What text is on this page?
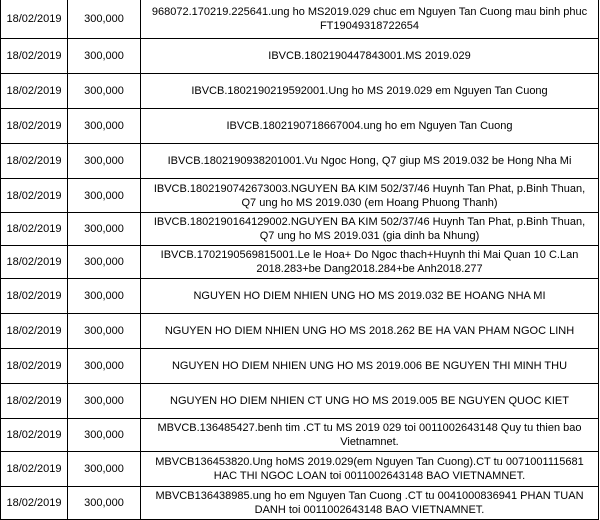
18/02/2019	300,000	968072.170219.225641.ung ho MS2019.029 chuc em Nguyen Tan Cuong mau binh phuc FT19049318722654
18/02/2019	300,000	IBVCB.1802190447843001.MS 2019.029
18/02/2019	300,000	IBVCB.1802190219592001.Ung ho MS 2019.029 em Nguyen Tan Cuong
18/02/2019	300,000	IBVCB.1802190718667004.ung ho em Nguyen Tan Cuong
18/02/2019	300,000	IBVCB.1802190938201001.Vu Ngoc Hong, Q7 giup MS 2019.032 be Hong Nha Mi
18/02/2019	300,000	IBVCB.1802190742673003.NGUYEN BA KIM 502/37/46 Huynh Tan Phat, p.Binh Thuan, Q7 ung ho MS 2019.030 (em Hoang Phuong Thanh)
18/02/2019	300,000	IBVCB.1802190164129002.NGUYEN BA KIM 502/37/46 Huynh Tan Phat, p.Binh Thuan, Q7 ung ho MS 2019.031 (gia dinh ba Nhung)
18/02/2019	300,000	IBVCB.1702190569815001.Le le Hoa+ Do Ngoc thach+Huynh thi Mai Quan 10 C.Lan 2018.283+be Dang2018.284+be Anh2018.277
18/02/2019	300,000	NGUYEN HO DIEM NHIEN UNG HO MS 2019.032 BE HOANG NHA MI
18/02/2019	300,000	NGUYEN HO DIEM NHIEN UNG HO MS 2018.262 BE HA VAN PHAM NGOC LINH
18/02/2019	300,000	NGUYEN HO DIEM NHIEN UNG HO MS 2019.006 BE NGUYEN THI MINH THU
18/02/2019	300,000	NGUYEN HO DIEM NHIEN CT UNG HO MS 2019.005 BE NGUYEN QUOC KIET
18/02/2019	300,000	MBVCB.136485427.benh tim .CT tu MS 2019 029 toi 0011002643148 Quy tu thien bao Vietnamnet.
18/02/2019	300,000	MBVCB136453820.Ung hoMS 2019.029(em Nguyen Tan Cuong).CT tu 0071001115681 HAC THI NGOC LOAN toi 0011002643148 BAO VIETNAMNET.
18/02/2019	300,000	MBVCB136438985.ung ho em Nguyen Tan Cuong .CT tu 0041000836941 PHAN TUAN DANH toi 0011002643148 BAO VIETNAMNET.
